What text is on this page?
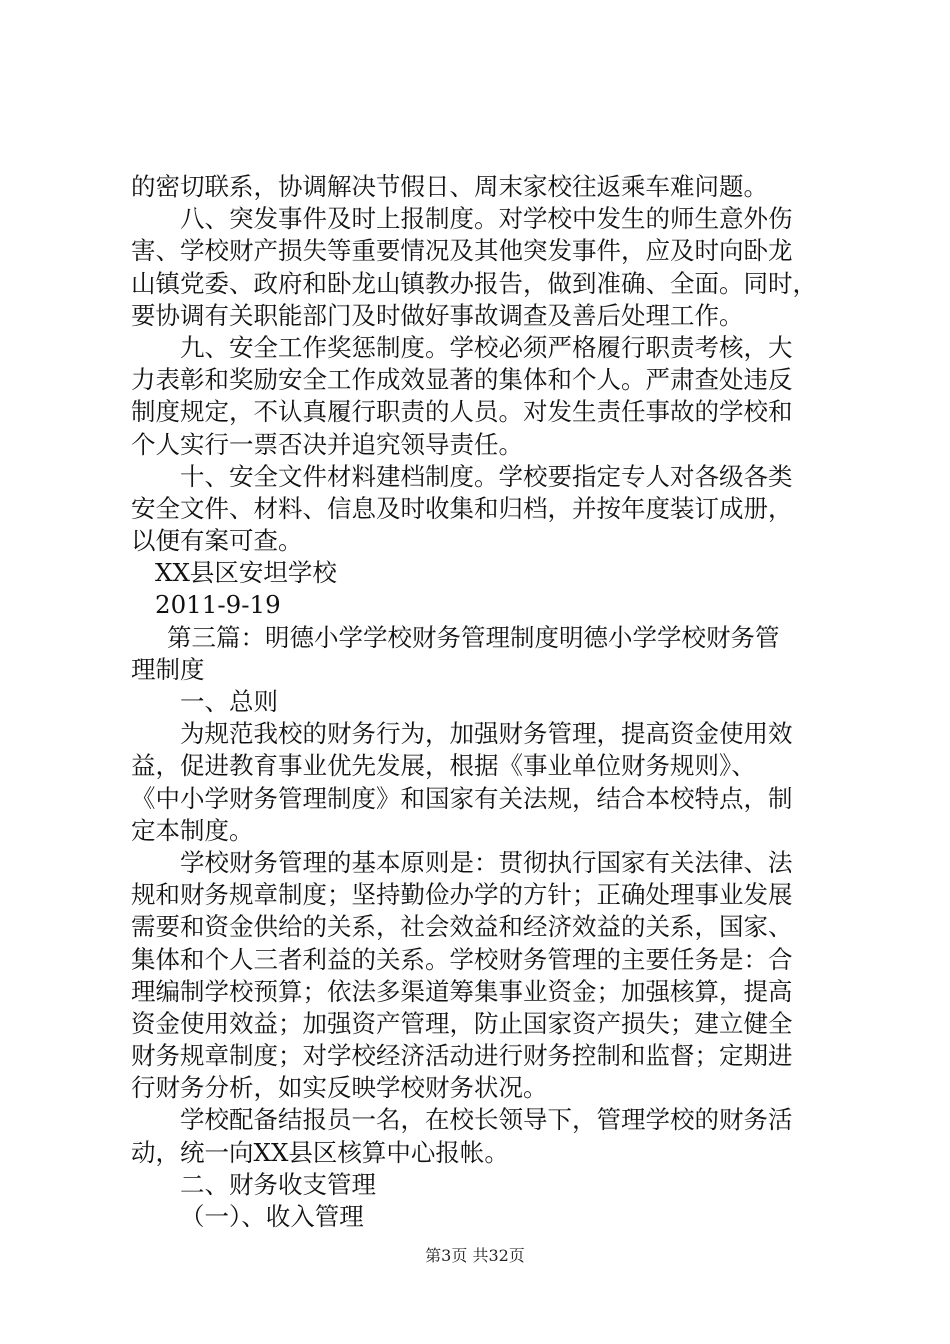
的密切联系，协调解决节假日、周末家校往返乘车难问题。
八、突发事件及时上报制度。对学校中发生的师生意外伤
害、学校财产损失等重要情况及其他突发事件，应及时向卧龙
山镇党委、政府和卧龙山镇教办报告，做到准确、全面。同时，
要协调有关职能部门及时做好事故调查及善后处理工作。
九、安全工作奖惩制度。学校必须严格履行职责考核，大
力表彰和奖励安全工作成效显著的集体和个人。严肃查处违反
制度规定，不认真履行职责的人员。对发生责任事故的学校和
个人实行一票否决并追究领导责任。
十、安全文件材料建档制度。学校要指定专人对各级各类
安全文件、材料、信息及时收集和归档，并按年度装订成册，
以便有案可查。
XX县区安坦学校
2011-9-19
第三篇：明德小学学校财务管理制度明德小学学校财务管
理制度
一、总则
为规范我校的财务行为，加强财务管理，提高资金使用效
益，促进教育事业优先发展，根据《事业单位财务规则》、
《中小学财务管理制度》和国家有关法规，结合本校特点，制
定本制度。
学校财务管理的基本原则是：贯彻执行国家有关法律、法
规和财务规章制度；坚持勤俭办学的方针；正确处理事业发展
需要和资金供给的关系，社会效益和经济效益的关系，国家、
集体和个人三者利益的关系。学校财务管理的主要任务是：合
理编制学校预算；依法多渠道筹集事业资金；加强核算，提高
资金使用效益；加强资产管理，防止国家资产损失；建立健全
财务规章制度；对学校经济活动进行财务控制和监督；定期进
行财务分析，如实反映学校财务状况。
学校配备结报员一名，在校长领导下，管理学校的财务活
动，统一向XX县区核算中心报帐。
二、财务收支管理
（一）、收入管理
第3页 共32页
